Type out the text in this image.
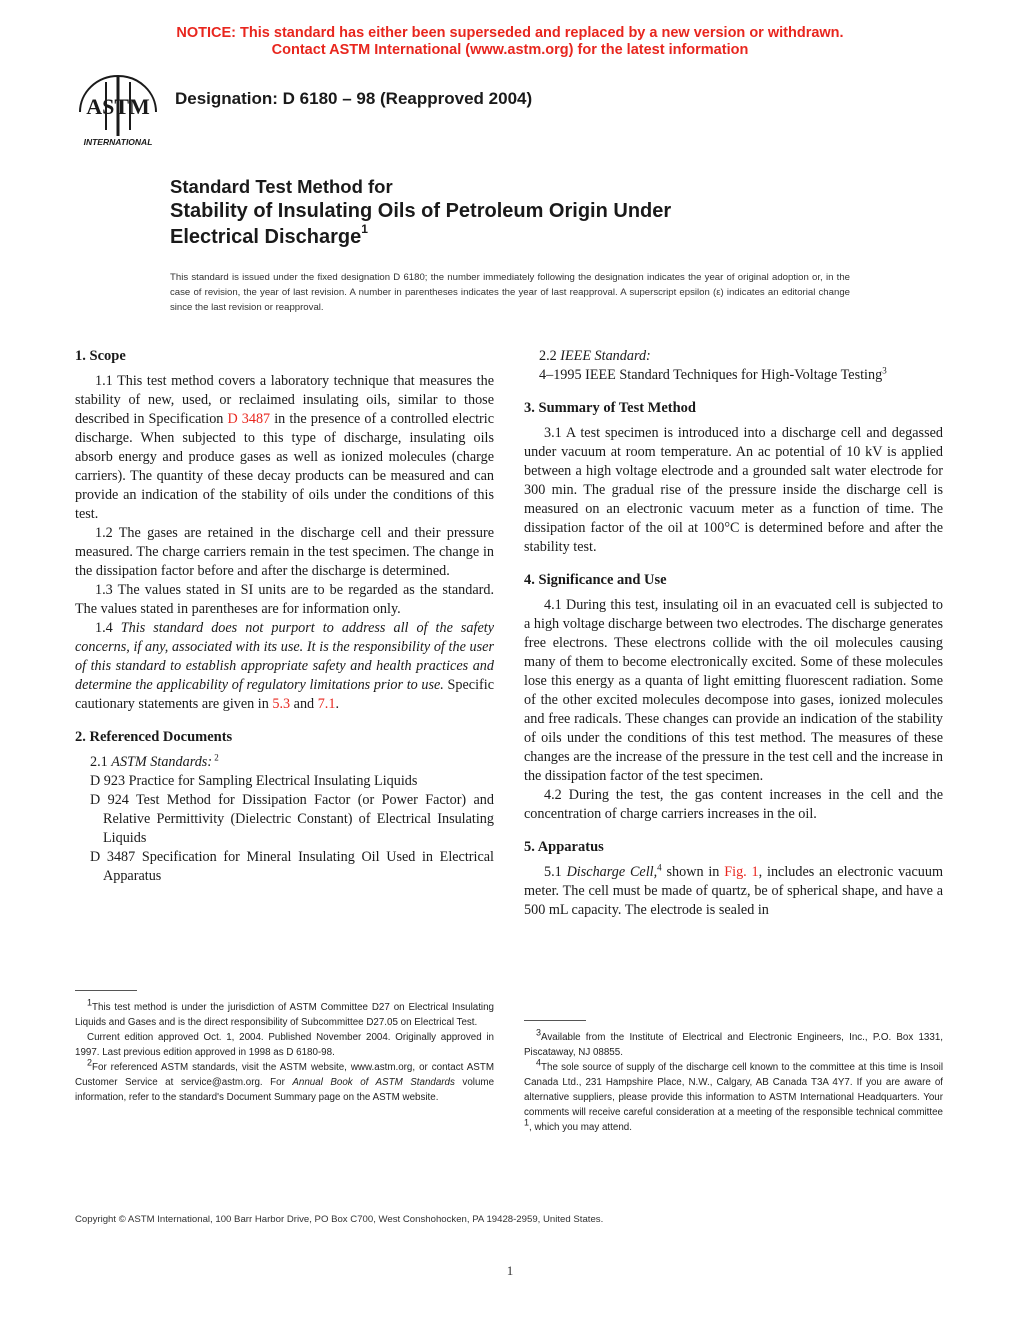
NOTICE: This standard has either been superseded and replaced by a new version or withdrawn.
Contact ASTM International (www.astm.org) for the latest information
ASTM
INTERNATIONAL
Designation: D 6180 – 98 (Reapproved 2004)
Standard Test Method for
Stability of Insulating Oils of Petroleum Origin Under
Electrical Discharge$^1$
This standard is issued under the fixed designation D 6180; the number immediately following the designation indicates the year of original adoption or, in the case of revision, the year of last revision. A number in parentheses indicates the year of last reapproval. A superscript epsilon (ε) indicates an editorial change since the last revision or reapproval.
1. Scope
1.1 This test method covers a laboratory technique that measures the stability of new, used, or reclaimed insulating oils, similar to those described in Specification D 3487 in the presence of a controlled electric discharge. When subjected to this type of discharge, insulating oils absorb energy and produce gases as well as ionized molecules (charge carriers). The quantity of these decay products can be measured and can provide an indication of the stability of oils under the conditions of this test.
1.2 The gases are retained in the discharge cell and their pressure measured. The charge carriers remain in the test specimen. The change in the dissipation factor before and after the discharge is determined.
1.3 The values stated in SI units are to be regarded as the standard. The values stated in parentheses are for information only.
1.4 This standard does not purport to address all of the safety concerns, if any, associated with its use. It is the responsibility of the user of this standard to establish appropriate safety and health practices and determine the applicability of regulatory limitations prior to use. Specific cautionary statements are given in 5.3 and 7.1.
2. Referenced Documents
2.1 ASTM Standards: $^2$
D 923 Practice for Sampling Electrical Insulating Liquids
D 924 Test Method for Dissipation Factor (or Power Factor) and Relative Permittivity (Dielectric Constant) of Electrical Insulating Liquids
D 3487 Specification for Mineral Insulating Oil Used in Electrical Apparatus
2.2 IEEE Standard:
4–1995 IEEE Standard Techniques for High-Voltage Testing$^3$
3. Summary of Test Method
3.1 A test specimen is introduced into a discharge cell and degassed under vacuum at room temperature. An ac potential of 10 kV is applied between a high voltage electrode and a grounded salt water electrode for 300 min. The gradual rise of the pressure inside the discharge cell is measured on an electronic vacuum meter as a function of time. The dissipation factor of the oil at 100°C is determined before and after the stability test.
4. Significance and Use
4.1 During this test, insulating oil in an evacuated cell is subjected to a high voltage discharge between two electrodes. The discharge generates free electrons. These electrons collide with the oil molecules causing many of them to become electronically excited. Some of these molecules lose this energy as a quanta of light emitting fluorescent radiation. Some of the other excited molecules decompose into gases, ionized molecules and free radicals. These changes can provide an indication of the stability of oils under the conditions of this test method. The measures of these changes are the increase of the pressure in the test cell and the increase in the dissipation factor of the test specimen.
4.2 During the test, the gas content increases in the cell and the concentration of charge carriers increases in the oil.
5. Apparatus
5.1 Discharge Cell,$^4$ shown in Fig. 1, includes an electronic vacuum meter. The cell must be made of quartz, be of spherical shape, and have a 500 mL capacity. The electrode is sealed in

$^1$This test method is under the jurisdiction of ASTM Committee D27 on Electrical Insulating Liquids and Gases and is the direct responsibility of Subcommittee D27.05 on Electrical Test.

Current edition approved Oct. 1, 2004. Published November 2004. Originally approved in 1997. Last previous edition approved in 1998 as D 6180-98.

$^2$For referenced ASTM standards, visit the ASTM website, www.astm.org, or contact ASTM Customer Service at service@astm.org. For Annual Book of ASTM Standards volume information, refer to the standard's Document Summary page on the ASTM website.

$^3$Available from the Institute of Electrical and Electronic Engineers, Inc., P.O. Box 1331, Piscataway, NJ 08855.

$^4$The sole source of supply of the discharge cell known to the committee at this time is Insoil Canada Ltd., 231 Hampshire Place, N.W., Calgary, AB Canada T3A 4Y7. If you are aware of alternative suppliers, please provide this information to ASTM International Headquarters. Your comments will receive careful consideration at a meeting of the responsible technical committee $^1$, which you may attend.

Copyright © ASTM International, 100 Barr Harbor Drive, PO Box C700, West Conshohocken, PA 19428-2959, United States.
1
